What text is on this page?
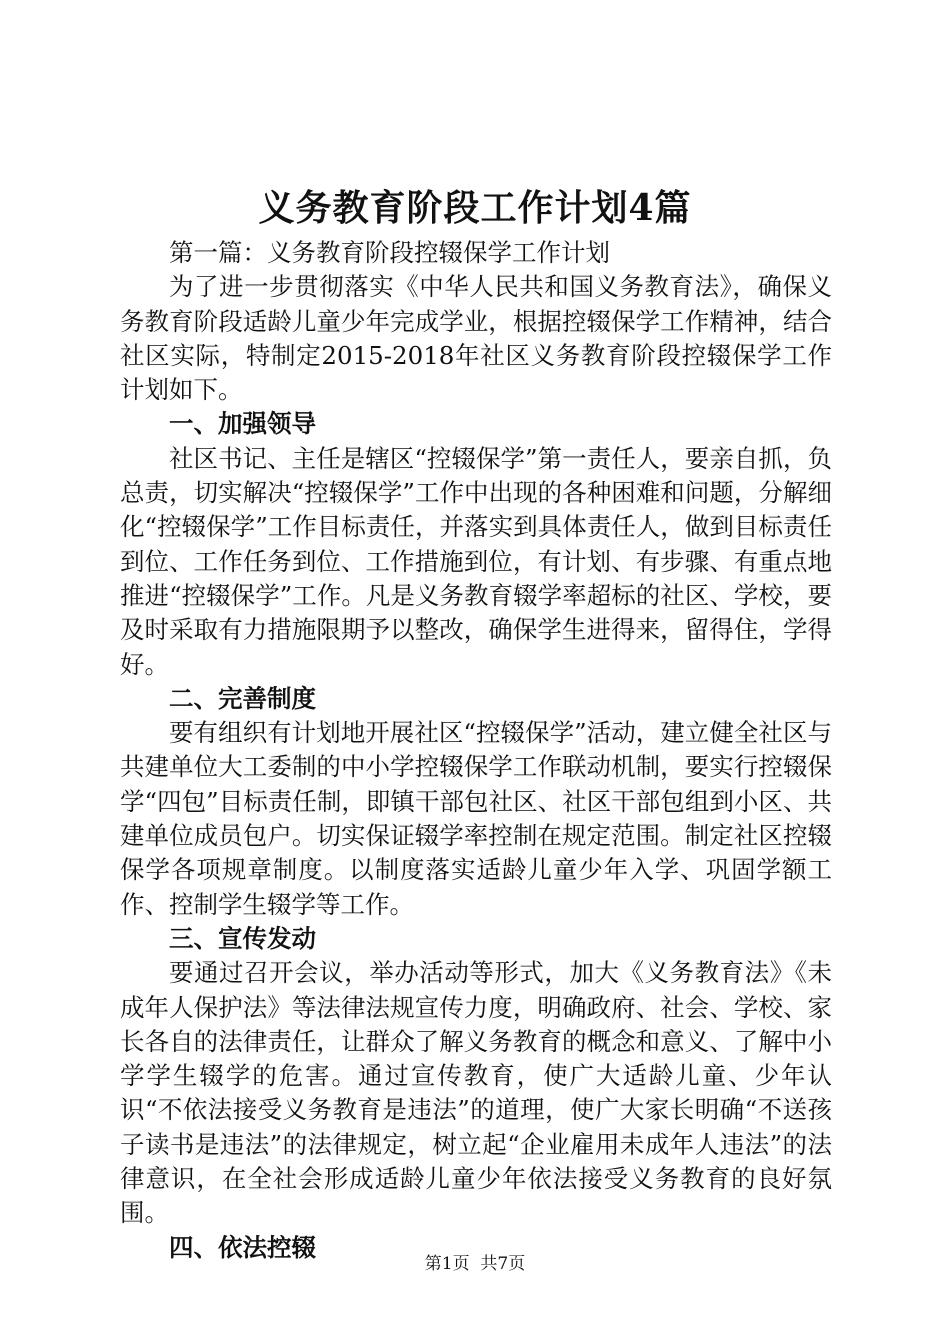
义务教育阶段工作计划4篇

第一篇：义务教育阶段控辍保学工作计划

为了进一步贯彻落实《中华人民共和国义务教育法》，确保义务教育阶段适龄儿童少年完成学业，根据控辍保学工作精神，结合社区实际，特制定2015-2018年社区义务教育阶段控辍保学工作计划如下。

一、加强领导

社区书记、主任是辖区“控辍保学”第一责任人，要亲自抓，负总责，切实解决“控辍保学”工作中出现的各种困难和问题，分解细化“控辍保学”工作目标责任，并落实到具体责任人，做到目标责任到位、工作任务到位、工作措施到位，有计划、有步骤、有重点地推进“控辍保学”工作。凡是义务教育辍学率超标的社区、学校，要及时采取有力措施限期予以整改，确保学生进得来，留得住，学得好。

二、完善制度

要有组织有计划地开展社区“控辍保学”活动，建立健全社区与共建单位大工委制的中小学控辍保学工作联动机制，要实行控辍保学“四包”目标责任制，即镇干部包社区、社区干部包组到小区、共建单位成员包户。切实保证辍学率控制在规定范围。制定社区控辍保学各项规章制度。以制度落实适龄儿童少年入学、巩固学额工作、控制学生辍学等工作。

三、宣传发动

要通过召开会议，举办活动等形式，加大《义务教育法》《未成年人保护法》等法律法规宣传力度，明确政府、社会、学校、家长各自的法律责任，让群众了解义务教育的概念和意义、了解中小学学生辍学的危害。通过宣传教育，使广大适龄儿童、少年认识“不依法接受义务教育是违法”的道理，使广大家长明确“不送孩子读书是违法”的法律规定，树立起“企业雇用未成年人违法”的法律意识，在全社会形成适龄儿童少年依法接受义务教育的良好氛围。

四、依法控辍

第1页 共7页
